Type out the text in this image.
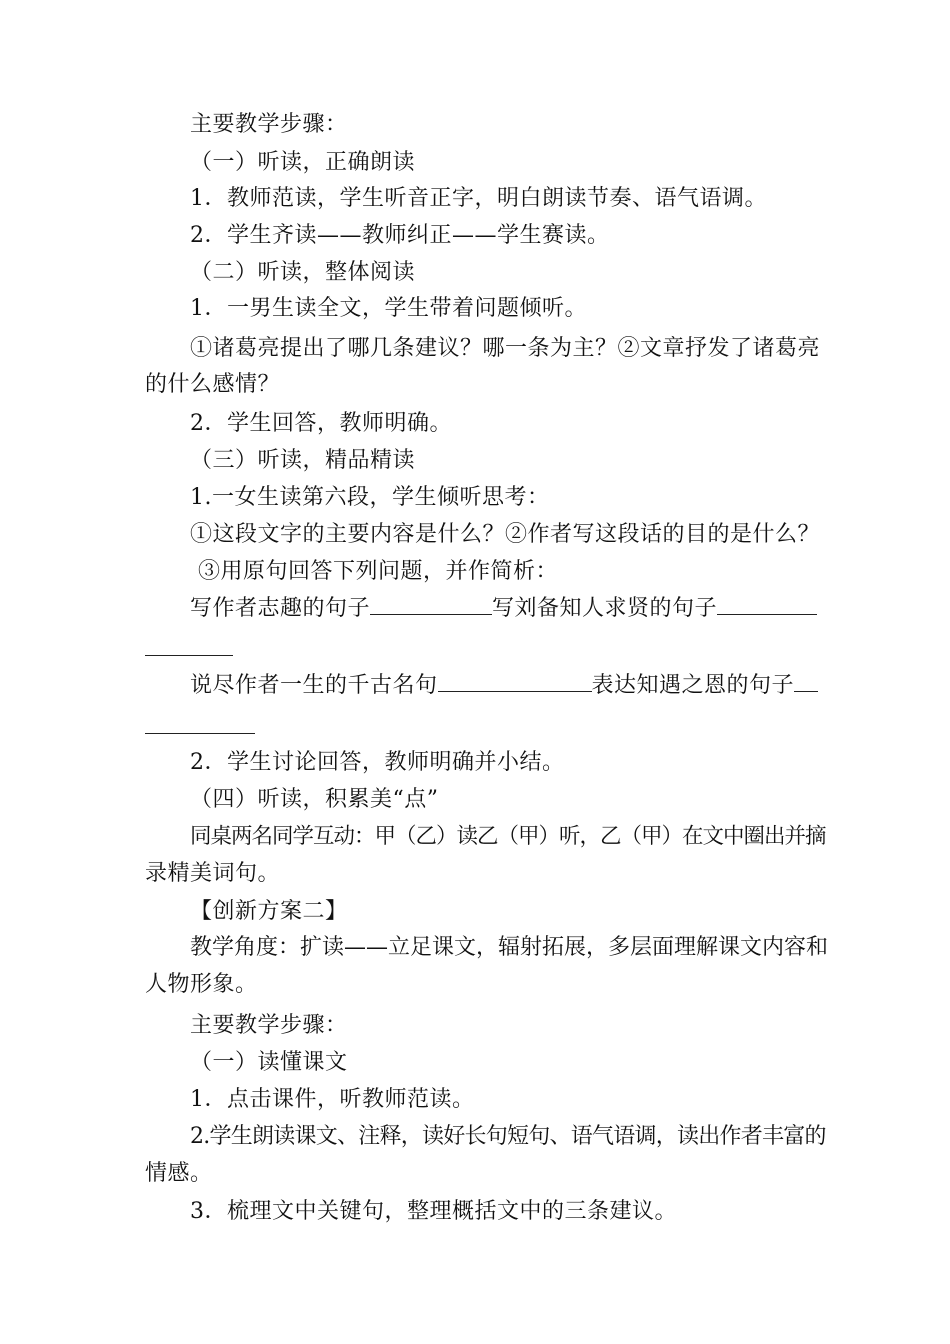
主要教学步骤：
（一）听读，正确朗读
1．教师范读，学生听音正字，明白朗读节奏、语气语调。
2．学生齐读——教师纠正——学生赛读。
（二）听读，整体阅读
1．一男生读全文，学生带着问题倾听。
①诸葛亮提出了哪几条建议？哪一条为主？②文章抒发了诸葛亮
的什么感情？
2．学生回答，教师明确。
（三）听读，精品精读
1.一女生读第六段，学生倾听思考：
①这段文字的主要内容是什么？②作者写这段话的目的是什么？
③用原句回答下列问题，并作简析：
写作者志趣的句子	写刘备知人求贤的句子
说尽作者一生的千古名句	表达知遇之恩的句子
2．学生讨论回答，教师明确并小结。
（四）听读，积累美“点”
同桌两名同学互动：甲（乙）读乙（甲）听，乙（甲）在文中圈出并摘
录精美词句。
【创新方案二】
教学角度：扩读——立足课文，辐射拓展，多层面理解课文内容和
人物形象。
主要教学步骤：
（一）读懂课文
1．点击课件，听教师范读。
2.学生朗读课文、注释，读好长句短句、语气语调，读出作者丰富的
情感。
3．梳理文中关键句，整理概括文中的三条建议。
